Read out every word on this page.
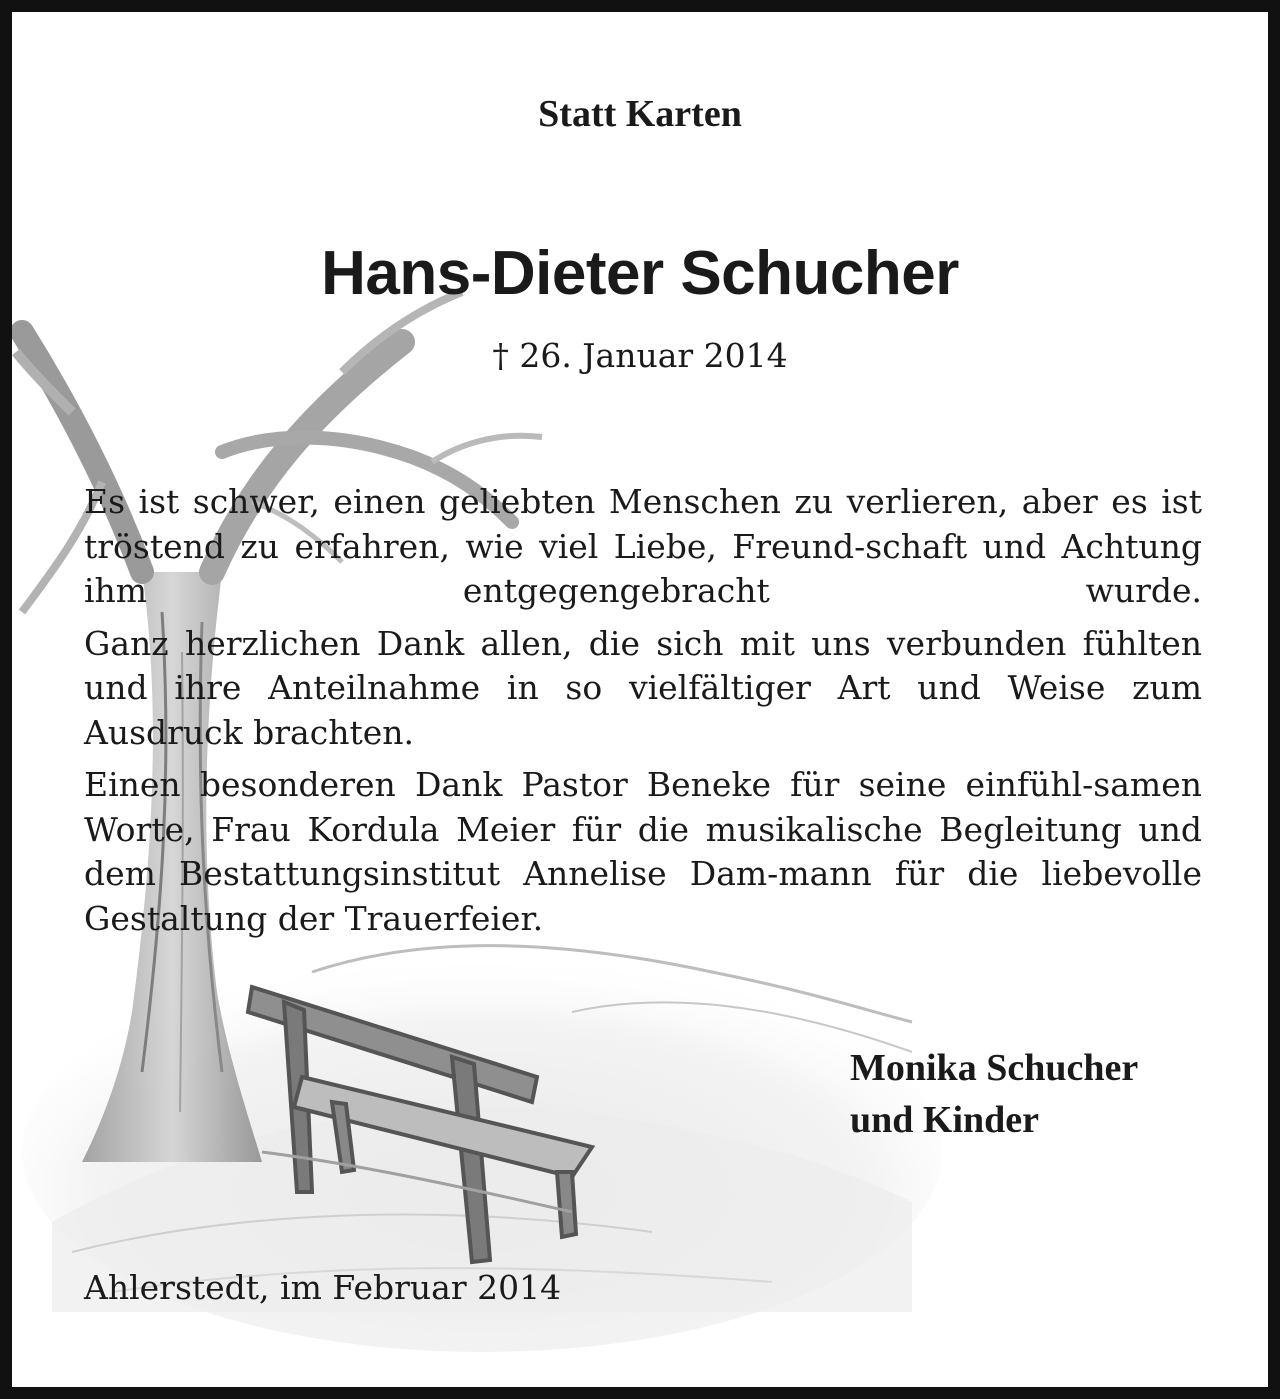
Statt Karten
Hans-Dieter Schucher
† 26. Januar 2014

Es ist schwer, einen geliebten Menschen zu verlieren, aber es ist tröstend zu erfahren, wie viel Liebe, Freund-schaft und Achtung ihm entgegengebracht wurde.

Ganz herzlichen Dank allen, die sich mit uns verbunden fühlten und ihre Anteilnahme in so vielfältiger Art und Weise zum Ausdruck brachten.

Einen besonderen Dank Pastor Beneke für seine einfühl-samen Worte, Frau Kordula Meier für die musikalische Begleitung und dem Bestattungsinstitut Annelise Dam-mann für die liebevolle Gestaltung der Trauerfeier.

Monika Schucher
und Kinder
Ahlerstedt, im Februar 2014
